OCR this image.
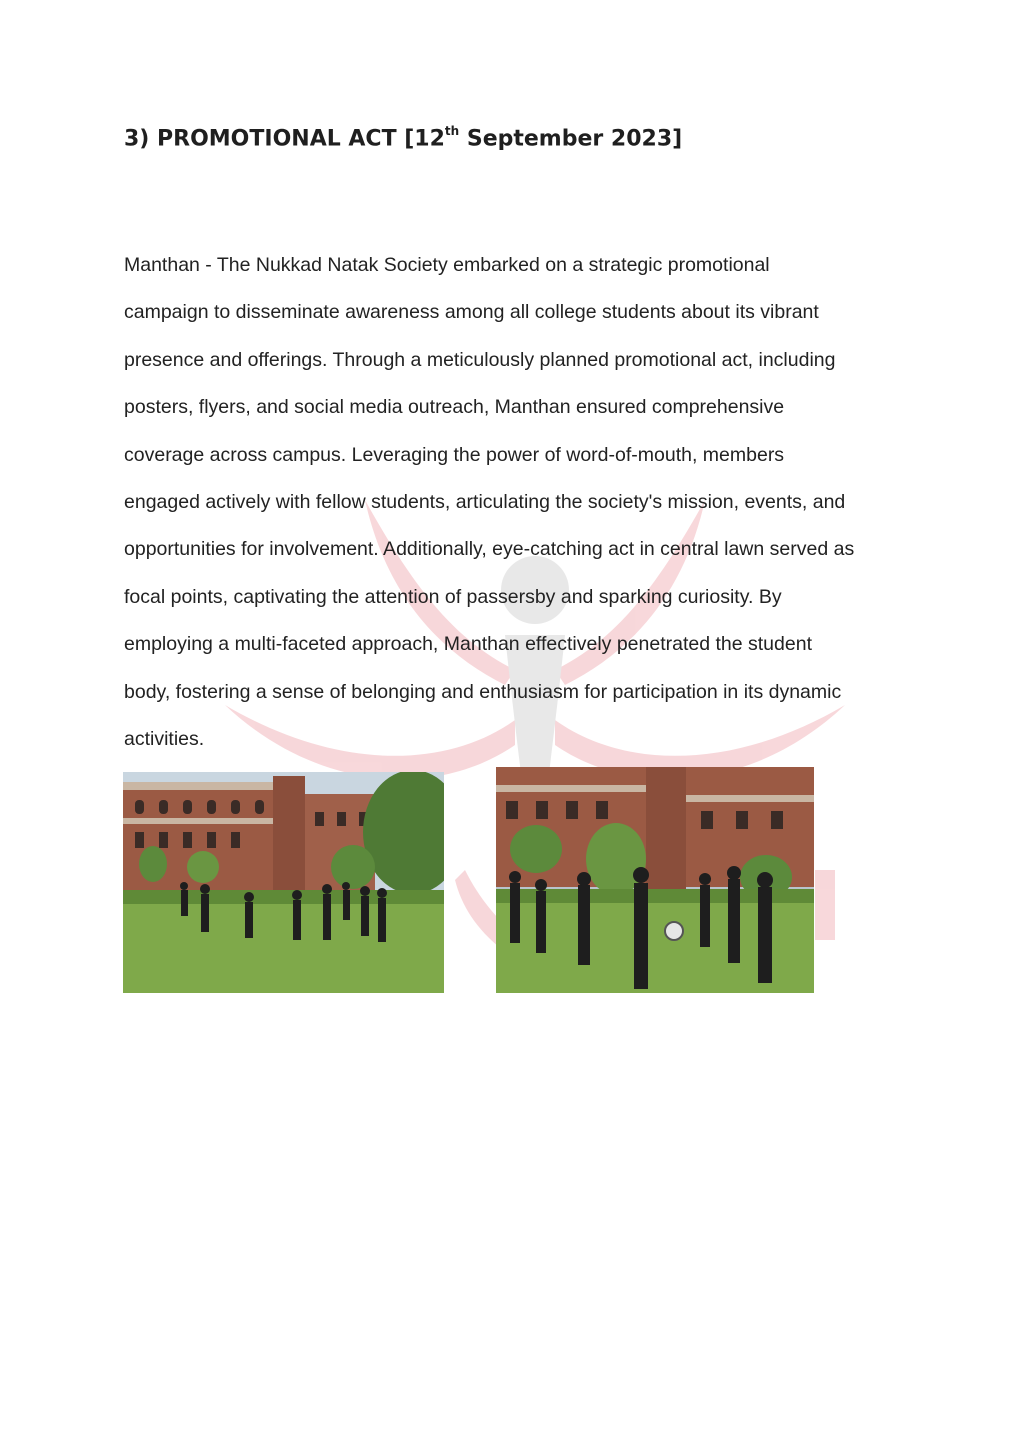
3) PROMOTIONAL ACT [12th September 2023]

Manthan - The Nukkad Natak Society embarked on a strategic promotional
campaign to disseminate awareness among all college students about its vibrant
presence and offerings. Through a meticulously planned promotional act, including
posters, flyers, and social media outreach, Manthan ensured comprehensive
coverage across campus. Leveraging the power of word-of-mouth, members
engaged actively with fellow students, articulating the society's mission, events, and
opportunities for involvement. Additionally, eye-catching act in central lawn served as
focal points, captivating the attention of passersby and sparking curiosity. By
employing a multi-faceted approach, Manthan effectively penetrated the student
body, fostering a sense of belonging and enthusiasm for participation in its dynamic
activities.
